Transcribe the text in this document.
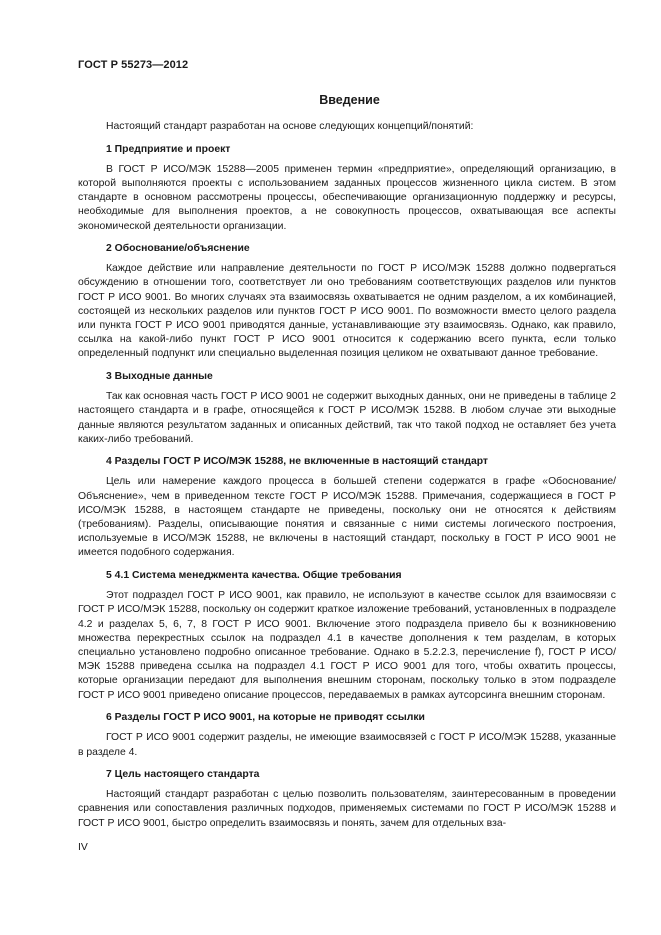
ГОСТ Р 55273—2012
Введение

Настоящий стандарт разработан на основе следующих концепций/понятий:

1 Предприятие и проект

В ГОСТ Р ИСО/МЭК 15288—2005 применен термин «предприятие», определяющий организацию, в которой выполняются проекты с использованием заданных процессов жизненного цикла систем. В этом стандарте в основном рассмотрены процессы, обеспечивающие организационную поддержку и ресурсы, необходимые для выполнения проектов, а не совокупность процессов, охватывающая все аспекты экономической деятельности организации.

2 Обоснование/объяснение

Каждое действие или направление деятельности по ГОСТ Р ИСО/МЭК 15288 должно подвергаться обсуждению в отношении того, соответствует ли оно требованиям соответствующих разделов или пунктов ГОСТ Р ИСО 9001. Во многих случаях эта взаимосвязь охватывается не одним разделом, а их комбинацией, состоящей из нескольких разделов или пунктов ГОСТ Р ИСО 9001. По возможности вместо целого раздела или пункта ГОСТ Р ИСО 9001 приводятся данные, устанавливающие эту взаимосвязь. Однако, как правило, ссылка на какой-либо пункт ГОСТ Р ИСО 9001 относится к содержанию всего пункта, если только определенный подпункт или специально выделенная позиция целиком не охватывают данное требование.

3 Выходные данные

Так как основная часть ГОСТ Р ИСО 9001 не содержит выходных данных, они не приведены в таблице 2 настоящего стандарта и в графе, относящейся к ГОСТ Р ИСО/МЭК 15288. В любом случае эти выходные данные являются результатом заданных и описанных действий, так что такой подход не оставляет без учета каких-либо требований.

4 Разделы ГОСТ Р ИСО/МЭК 15288, не включенные в настоящий стандарт

Цель или намерение каждого процесса в большей степени содержатся в графе «Обоснование/Объяснение», чем в приведенном тексте ГОСТ Р ИСО/МЭК 15288. Примечания, содержащиеся в ГОСТ Р ИСО/МЭК 15288, в настоящем стандарте не приведены, поскольку они не относятся к действиям (требованиям). Разделы, описывающие понятия и связанные с ними системы логического построения, используемые в ИСО/МЭК 15288, не включены в настоящий стандарт, поскольку в ГОСТ Р ИСО 9001 не имеется подобного содержания.

5 4.1 Система менеджмента качества. Общие требования

Этот подраздел ГОСТ Р ИСО 9001, как правило, не используют в качестве ссылок для взаимосвязи с ГОСТ Р ИСО/МЭК 15288, поскольку он содержит краткое изложение требований, установленных в подразделе 4.2 и разделах 5, 6, 7, 8 ГОСТ Р ИСО 9001. Включение этого подраздела привело бы к возникновению множества перекрестных ссылок на подраздел 4.1 в качестве дополнения к тем разделам, в которых специально установлено подробно описанное требование. Однако в 5.2.2.3, перечисление f), ГОСТ Р ИСО/МЭК 15288 приведена ссылка на подраздел 4.1 ГОСТ Р ИСО 9001 для того, чтобы охватить процессы, которые организации передают для выполнения внешним сторонам, поскольку только в этом подразделе ГОСТ Р ИСО 9001 приведено описание процессов, передаваемых в рамках аутсорсинга внешним сторонам.

6 Разделы ГОСТ Р ИСО 9001, на которые не приводят ссылки

ГОСТ Р ИСО 9001 содержит разделы, не имеющие взаимосвязей с ГОСТ Р ИСО/МЭК 15288, указанные в разделе 4.

7 Цель настоящего стандарта

Настоящий стандарт разработан с целью позволить пользователям, заинтересованным в проведении сравнения или сопоставления различных подходов, применяемых системами по ГОСТ Р ИСО/МЭК 15288 и ГОСТ Р ИСО 9001, быстро определить взаимосвязь и понять, зачем для отдельных вза-

IV
